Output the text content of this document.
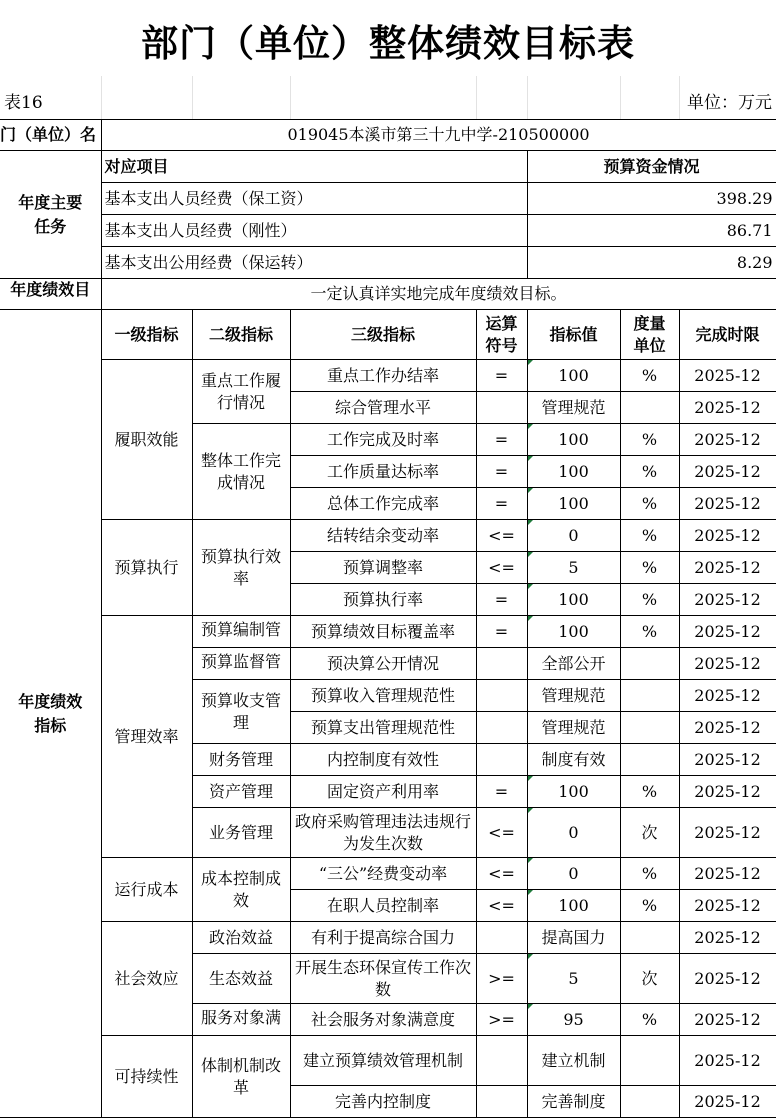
部门（单位）整体绩效目标表
表16	单位：万元
门（单位）名	019045本溪市第三十九中学-210500000						
年度主要任务	对应项目				预算资金情况		
	基本支出人员经费（保工资）				398.29		
	基本支出人员经费（刚性）				86.71		
	基本支出公用经费（保运转）				8.29		

年度绩效目	一定认真详实地完成年度绩效目标。						
年度绩效指标	一级指标	二级指标	三级指标	运算符号	指标值	度量单位	完成时限
	履职效能	重点工作履行情况	重点工作办结率	=	100	%	2025-12
			综合管理水平		管理规范		2025-12
		整体工作完成情况	工作完成及时率	=	100	%	2025-12
			工作质量达标率	=	100	%	2025-12
			总体工作完成率	=	100	%	2025-12
	预算执行	预算执行效率	结转结余变动率	<=	0	%	2025-12
			预算调整率	<=	5	%	2025-12
			预算执行率	=	100	%	2025-12
	管理效率	预算编制管	预算绩效目标覆盖率	=	100	%	2025-12

		预算监督管	预决算公开情况		全部公开		2025-12
		预算收支管理	预算收入管理规范性		管理规范		2025-12
			预算支出管理规范性		管理规范		2025-12
		财务管理	内控制度有效性		制度有效		2025-12
		资产管理	固定资产利用率	=	100	%	2025-12
		业务管理	政府采购管理违法违规行为发生次数	<=	0	次	2025-12
	运行成本	成本控制成效	“三公”经费变动率	<=	0	%	2025-12
			在职人员控制率	<=	100	%	2025-12
	社会效应	政治效益	有利于提高综合国力		提高国力		2025-12
		生态效益	开展生态环保宣传工作次数	>=	5	次	2025-12

		服务对象满	社会服务对象满意度	>=	95	%	2025-12
	可持续性	体制机制改革	建立预算绩效管理机制		建立机制		2025-12
			完善内控制度		完善制度		2025-12
